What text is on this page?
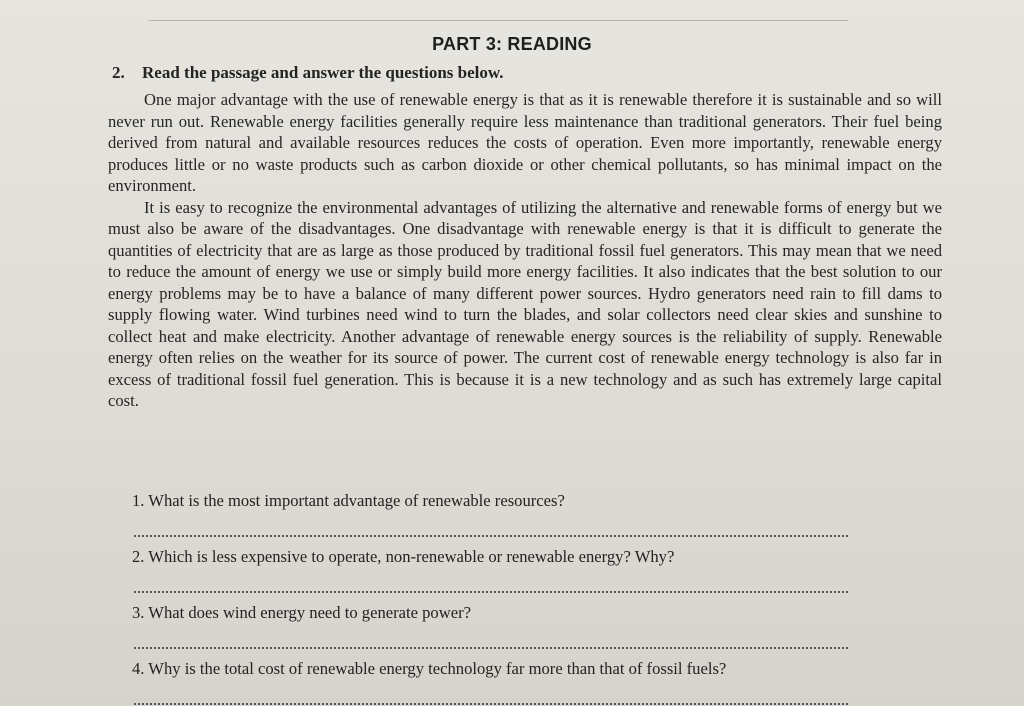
PART 3: READING
2. Read the passage and answer the questions below.

One major advantage with the use of renewable energy is that as it is renewable therefore it is sustainable and so will never run out. Renewable energy facilities generally require less maintenance than traditional generators. Their fuel being derived from natural and available resources reduces the costs of operation. Even more importantly, renewable energy produces little or no waste products such as carbon dioxide or other chemical pollutants, so has minimal impact on the environment.

It is easy to recognize the environmental advantages of utilizing the alternative and renewable forms of energy but we must also be aware of the disadvantages. One disadvantage with renewable energy is that it is difficult to generate the quantities of electricity that are as large as those produced by traditional fossil fuel generators. This may mean that we need to reduce the amount of energy we use or simply build more energy facilities. It also indicates that the best solution to our energy problems may be to have a balance of many different power sources. Hydro generators need rain to fill dams to supply flowing water. Wind turbines need wind to turn the blades, and solar collectors need clear skies and sunshine to collect heat and make electricity. Another advantage of renewable energy sources is the reliability of supply. Renewable energy often relies on the weather for its source of power. The current cost of renewable energy technology is also far in excess of traditional fossil fuel generation. This is because it is a new technology and as such has extremely large capital cost.

1. What is the most important advantage of renewable resources?
2. Which is less expensive to operate, non-renewable or renewable energy? Why?
3. What does wind energy need to generate power?
4. Why is the total cost of renewable energy technology far more than that of fossil fuels?
